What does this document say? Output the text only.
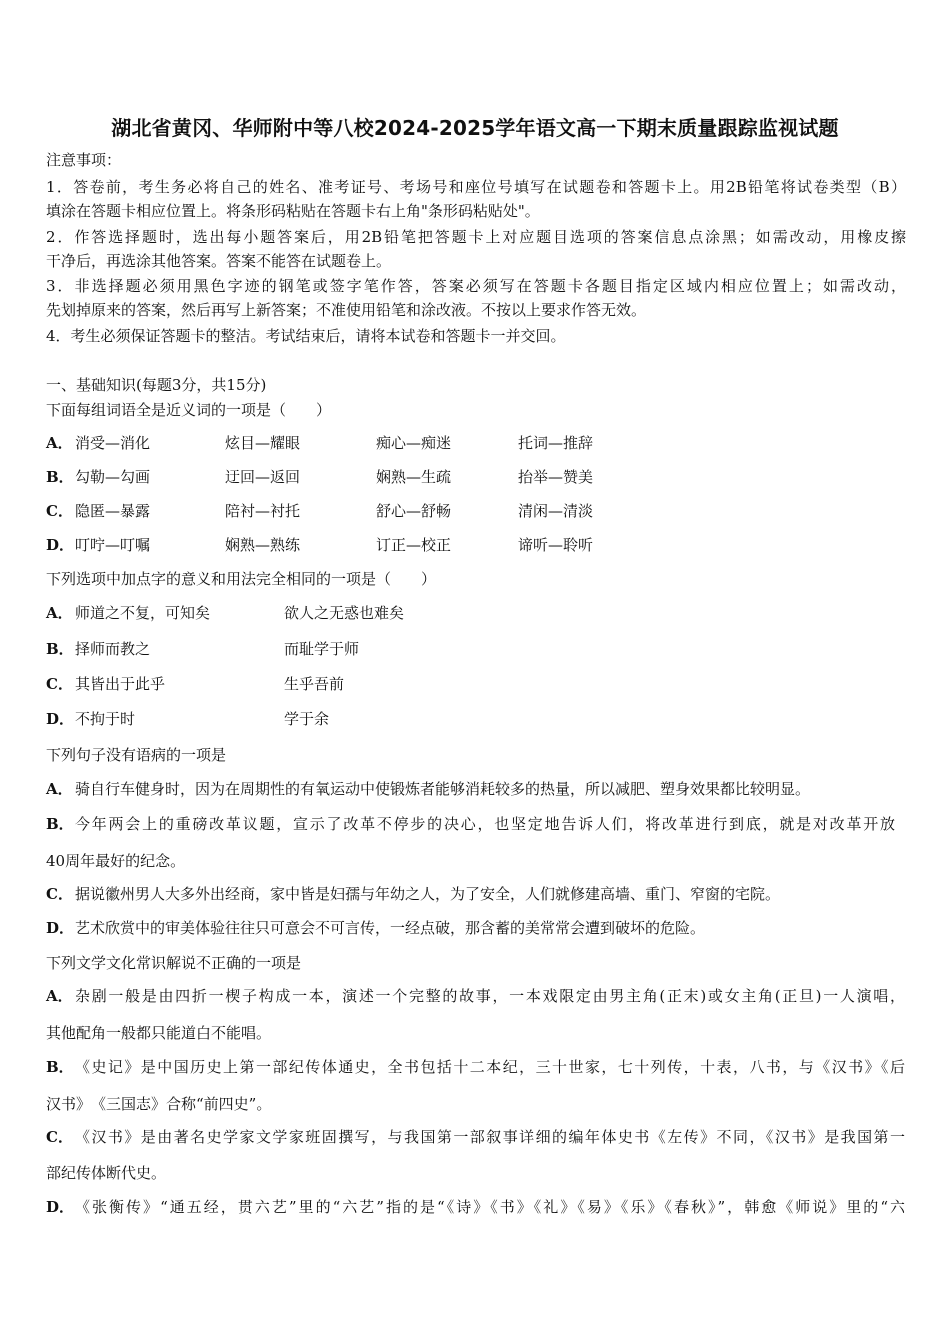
湖北省黄冈、华师附中等八校2024-2025学年语文高一下期末质量跟踪监视试题
注意事项：
1．答卷前，考生务必将自己的姓名、准考证号、考场号和座位号填写在试题卷和答题卡上。用2B铅笔将试卷类型（B）
填涂在答题卡相应位置上。将条形码粘贴在答题卡右上角"条形码粘贴处"。
2．作答选择题时，选出每小题答案后，用2B铅笔把答题卡上对应题目选项的答案信息点涂黑；如需改动，用橡皮擦
干净后，再选涂其他答案。答案不能答在试题卷上。
3．非选择题必须用黑色字迹的钢笔或签字笔作答，答案必须写在答题卡各题目指定区域内相应位置上；如需改动，
先划掉原来的答案，然后再写上新答案；不准使用铅笔和涂改液。不按以上要求作答无效。
4．考生必须保证答题卡的整洁。考试结束后，请将本试卷和答题卡一并交回。
一、基础知识(每题3分，共15分)
下面每组词语全是近义词的一项是（　　）
A． 消受—消化	炫目—耀眼	痴心—痴迷	托词—推辞
B． 勾勒—勾画	迂回—返回	娴熟—生疏	抬举—赞美
C． 隐匿—暴露	陪衬—衬托	舒心—舒畅	清闲—清淡
D． 叮咛—叮嘱	娴熟—熟练	订正—校正	谛听—聆听
下列选项中加点字的意义和用法完全相同的一项是（　　）
A． 师道之不复，可知矣	欲人之无惑也难矣
B． 择师而教之	而耻学于师
C． 其皆出于此乎	生乎吾前
D． 不拘于时	学于余
下列句子没有语病的一项是
A． 骑自行车健身时，因为在周期性的有氧运动中使锻炼者能够消耗较多的热量，所以减肥、塑身效果都比较明显。
B． 今年两会上的重磅改革议题，宣示了改革不停步的决心，也坚定地告诉人们，将改革进行到底，就是对改革开放
40周年最好的纪念。
C． 据说徽州男人大多外出经商，家中皆是妇孺与年幼之人，为了安全，人们就修建高墙、重门、窄窗的宅院。
D． 艺术欣赏中的审美体验往往只可意会不可言传，一经点破，那含蓄的美常常会遭到破坏的危险。
下列文学文化常识解说不正确的一项是
A． 杂剧一般是由四折一楔子构成一本，演述一个完整的故事，一本戏限定由男主角(正末)或女主角(正旦)一人演唱，
其他配角一般都只能道白不能唱。
B． 《史记》是中国历史上第一部纪传体通史，全书包括十二本纪，三十世家，七十列传，十表，八书，与《汉书》《后
汉书》　《三国志》合称“前四史”。
C． 《汉书》是由著名史学家文学家班固撰写，与我国第一部叙事详细的编年体史书《左传》不同，《汉书》是我国第一
部纪传体断代史。
D． 《张衡传》“通五经，贯六艺”里的“六艺”指的是“《诗》《书》《礼》《易》《乐》《春秋》”，韩愈《师说》里的“六
